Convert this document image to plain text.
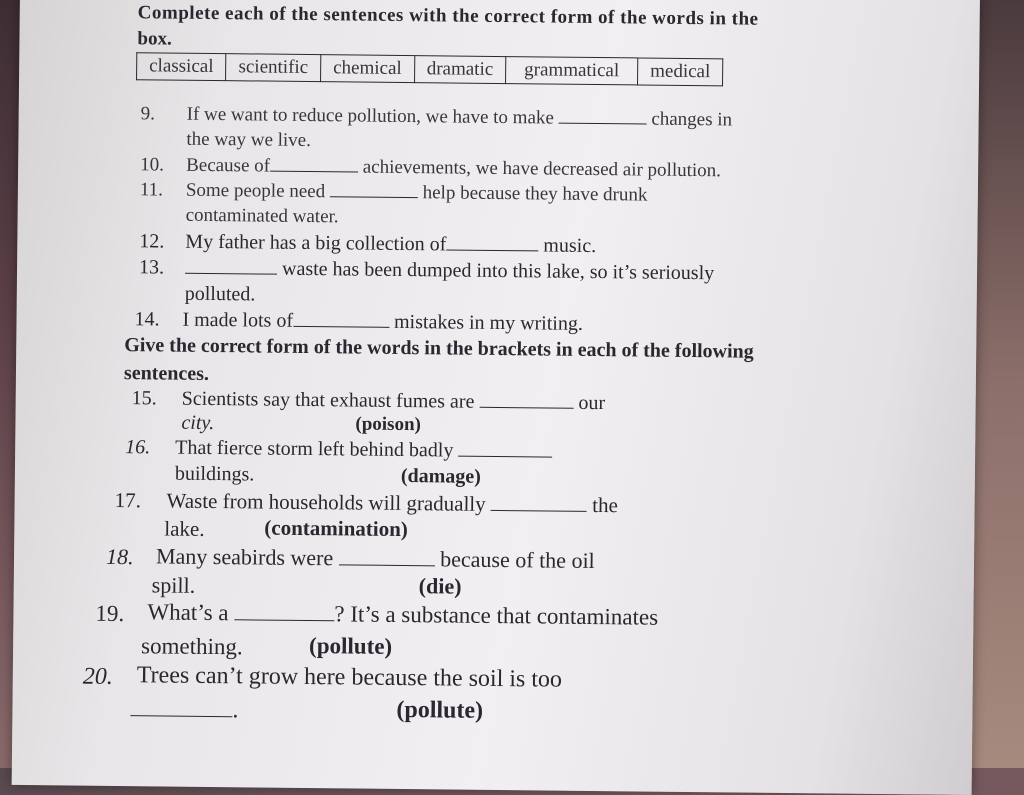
Complete each of the sentences with the correct form of the words in the
box.
classical	scientific	chemical	dramatic	grammatical	medical
9. If we want to reduce pollution, we have to make	changes in
the way we live.
10. Because of	achievements, we have decreased air pollution.
11. Some people need	help because they have drunk
contaminated water.
12. My father has a big collection of	music.
13.	waste has been dumped into this lake, so it’s seriously
polluted.
14. I made lots of	mistakes in my writing.
Give the correct form of the words in the brackets in each of the following
sentences.
15. Scientists say that exhaust fumes are	our
city.	(poison)
16. That fierce storm left behind badly
buildings.	(damage)
17. Waste from households will gradually	the
lake.	(contamination)
18. Many seabirds were	because of the oil
spill.	(die)
19. What’s a	? It’s a substance that contaminates
something.	(pollute)
20. Trees can’t grow here because the soil is too
.	(pollute)
